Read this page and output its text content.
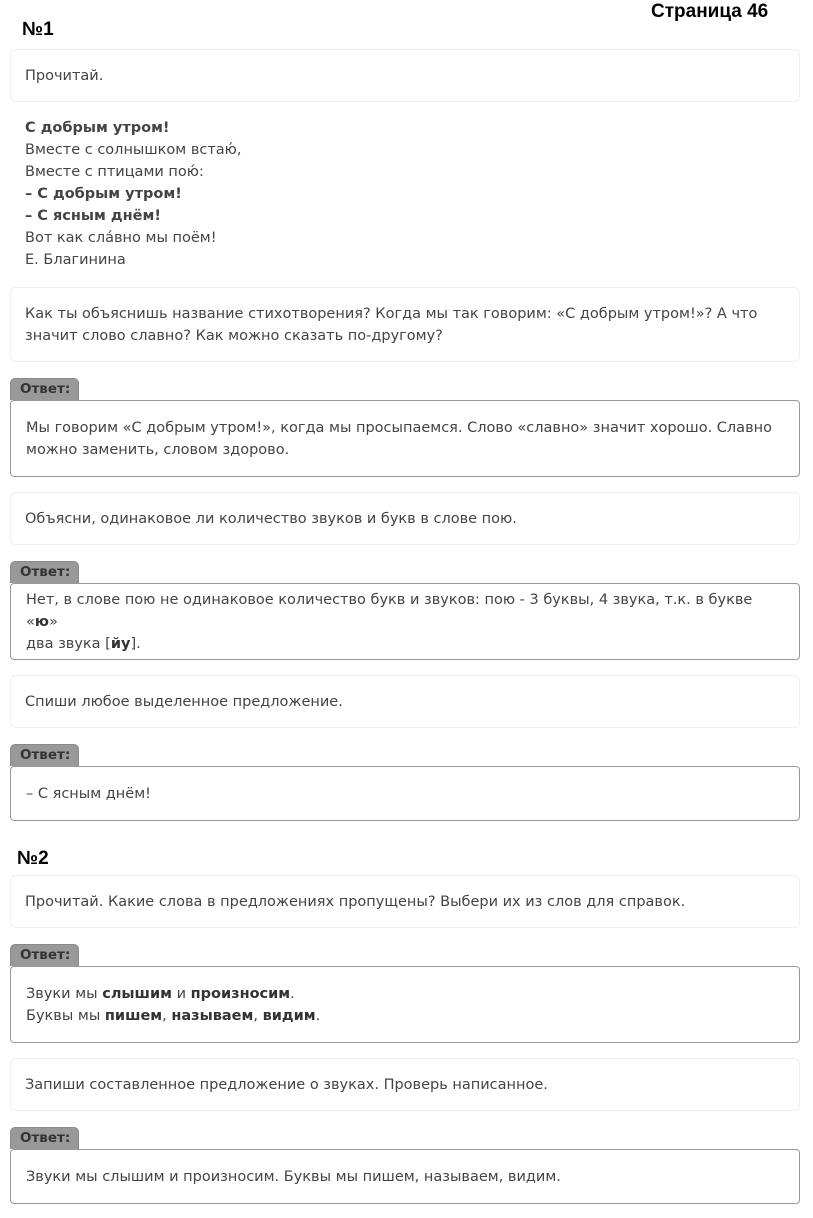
Страница 46
№1
Прочитай.
С добрым утром!
Вместе с солнышком встаю́,
Вместе с птицами пою́:
– С добрым утром!
– С ясным днём!
Вот как сла́вно мы поём!
Е. Благинина
Как ты объяснишь название стихотворения? Когда мы так говорим: «С добрым утром!»? А что
значит слово славно? Как можно сказать по-другому?
Ответ:
Мы говорим «С добрым утром!», когда мы просыпаемся. Слово «славно» значит хорошо. Славно
можно заменить, словом здорово.
Объясни, одинаковое ли количество звуков и букв в слове пою.
Ответ:
Нет, в слове пою не одинаковое количество букв и звуков: пою - 3 буквы, 4 звука, т.к. в букве «ю»
два звука [йу].
Спиши любое выделенное предложение.
Ответ:
– С ясным днём!
№2
Прочитай. Какие слова в предложениях пропущены? Выбери их из слов для справок.
Ответ:
Звуки мы слышим и произносим.
Буквы мы пишем, называем, видим.
Запиши составленное предложение о звуках. Проверь написанное.
Ответ:
Звуки мы слышим и произносим. Буквы мы пишем, называем, видим.
